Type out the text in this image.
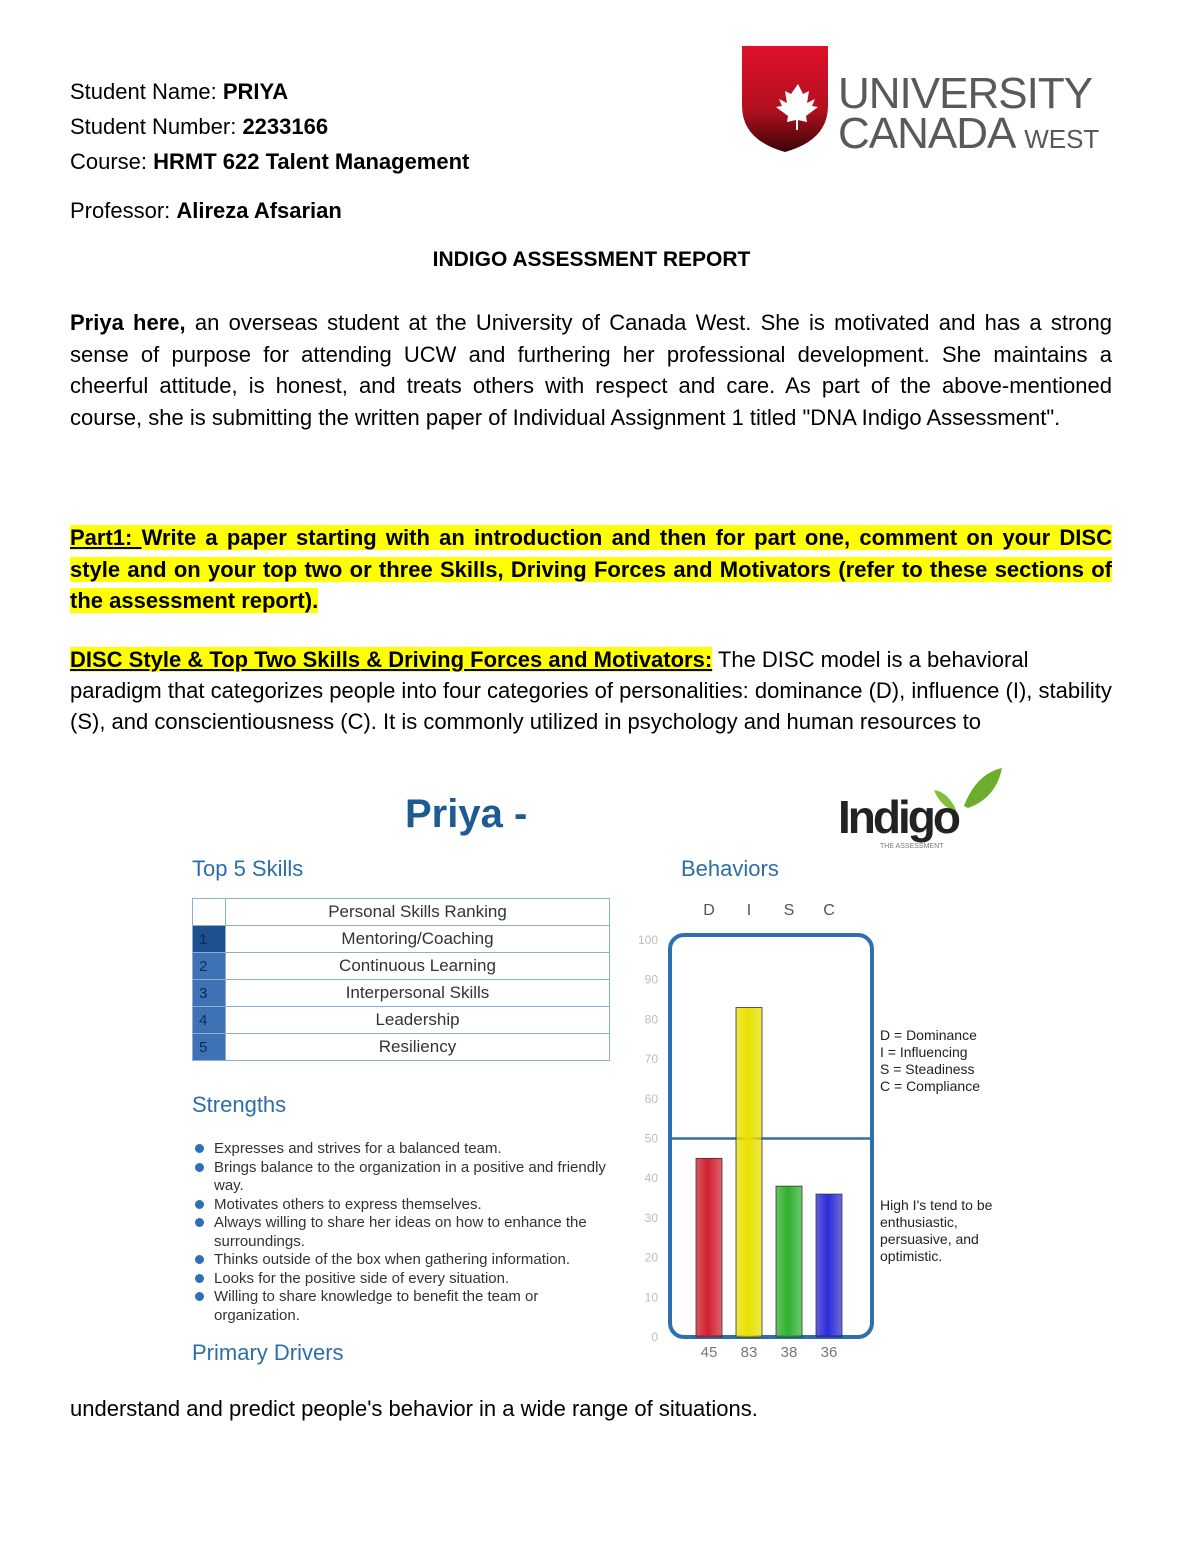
Student Name: PRIYA
Student Number: 2233166
Course: HRMT 622 Talent Management
Professor: Alireza Afsarian
UNIVERSITY
CANADA WEST
INDIGO ASSESSMENT REPORT
Priya here, an overseas student at the University of Canada West. She is motivated and has a strong sense of purpose for attending UCW and furthering her professional development. She maintains a cheerful attitude, is honest, and treats others with respect and care. As part of the above-mentioned course, she is submitting the written paper of Individual Assignment 1 titled "DNA Indigo Assessment".
Part1: Write a paper starting with an introduction and then for part one, comment on your DISC style and on your top two or three Skills, Driving Forces and Motivators (refer to these sections of the assessment report).
DISC Style & Top Two Skills & Driving Forces and Motivators: The DISC model is a behavioral paradigm that categorizes people into four categories of personalities: dominance (D), influence (I), stability (S), and conscientiousness (C). It is commonly utilized in psychology and human resources to
Priya -	Indigo
THE ASSESSMENT
Top 5 Skills
	Personal Skills Ranking
1	Mentoring/Coaching
2	Continuous Learning
3	Interpersonal Skills
4	Leadership
5	Resiliency
Strengths
Expresses and strives for a balanced team.
Brings balance to the organization in a positive and friendly way.
Motivates others to express themselves.
Always willing to share her ideas on how to enhance the surroundings.
Thinks outside of the box when gathering information.
Looks for the positive side of every situation.
Willing to share knowledge to benefit the team or organization.
Primary Drivers
Behaviors
0
10
20
30
40
50
60
70
80
90
100
D
45
I
83
S
38
C
36
D = Dominance
I = Influencing
S = Steadiness
C = Compliance
High I's tend to be enthusiastic, persuasive, and optimistic.
understand and predict people's behavior in a wide range of situations.
